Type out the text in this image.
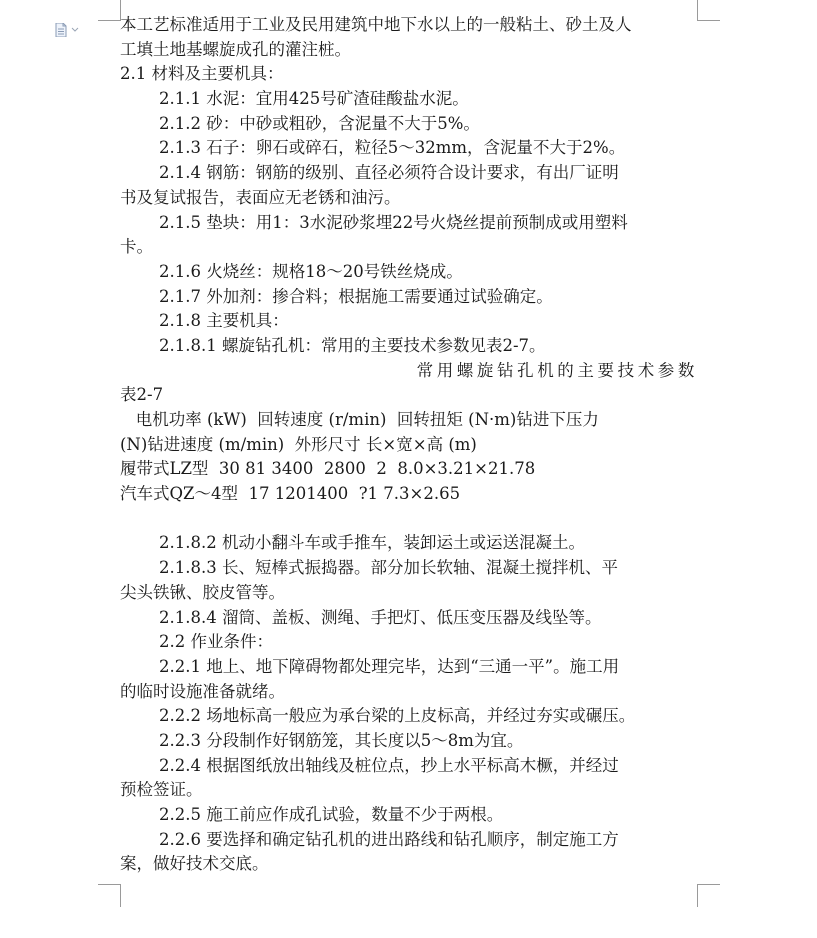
本工艺标准适用于工业及民用建筑中地下水以上的一般粘土、砂土及人
工填土地基螺旋成孔的灌注桩。
2.1 材料及主要机具：
2.1.1 水泥：宜用425号矿渣硅酸盐水泥。
2.1.2 砂：中砂或粗砂，含泥量不大于5%。
2.1.3 石子：卵石或碎石，粒径5～32mm，含泥量不大于2%。
2.1.4 钢筋：钢筋的级别、直径必须符合设计要求，有出厂证明
书及复试报告，表面应无老锈和油污。
2.1.5 垫块：用1：3水泥砂浆埋22号火烧丝提前预制成或用塑料
卡。
2.1.6 火烧丝：规格18～20号铁丝烧成。
2.1.7 外加剂：掺合料；根据施工需要通过试验确定。
2.1.8 主要机具：
2.1.8.1 螺旋钻孔机：常用的主要技术参数见表2-7。
常用螺旋钻孔机的主要技术参数
表2-7
电机功率 (kW)  回转速度 (r/min)  回转扭矩 (N·m)钻进下压力
(N)钻进速度 (m/min)  外形尺寸 长×宽×高 (m)
履带式LZ型  30 81 3400  2800  2  8.0×3.21×21.78
汽车式QZ～4型  17 1201400  ?1 7.3×2.65
2.1.8.2 机动小翻斗车或手推车，装卸运土或运送混凝土。
2.1.8.3 长、短棒式振捣器。部分加长软轴、混凝土搅拌机、平
尖头铁锹、胶皮管等。
2.1.8.4 溜筒、盖板、测绳、手把灯、低压变压器及线坠等。
2.2 作业条件：
2.2.1 地上、地下障碍物都处理完毕，达到“三通一平”。施工用
的临时设施准备就绪。
2.2.2 场地标高一般应为承台梁的上皮标高，并经过夯实或碾压。
2.2.3 分段制作好钢筋笼，其长度以5～8m为宜。
2.2.4 根据图纸放出轴线及桩位点，抄上水平标高木橛，并经过
预检签证。
2.2.5 施工前应作成孔试验，数量不少于两根。
2.2.6 要选择和确定钻孔机的进出路线和钻孔顺序，制定施工方
案，做好技术交底。
